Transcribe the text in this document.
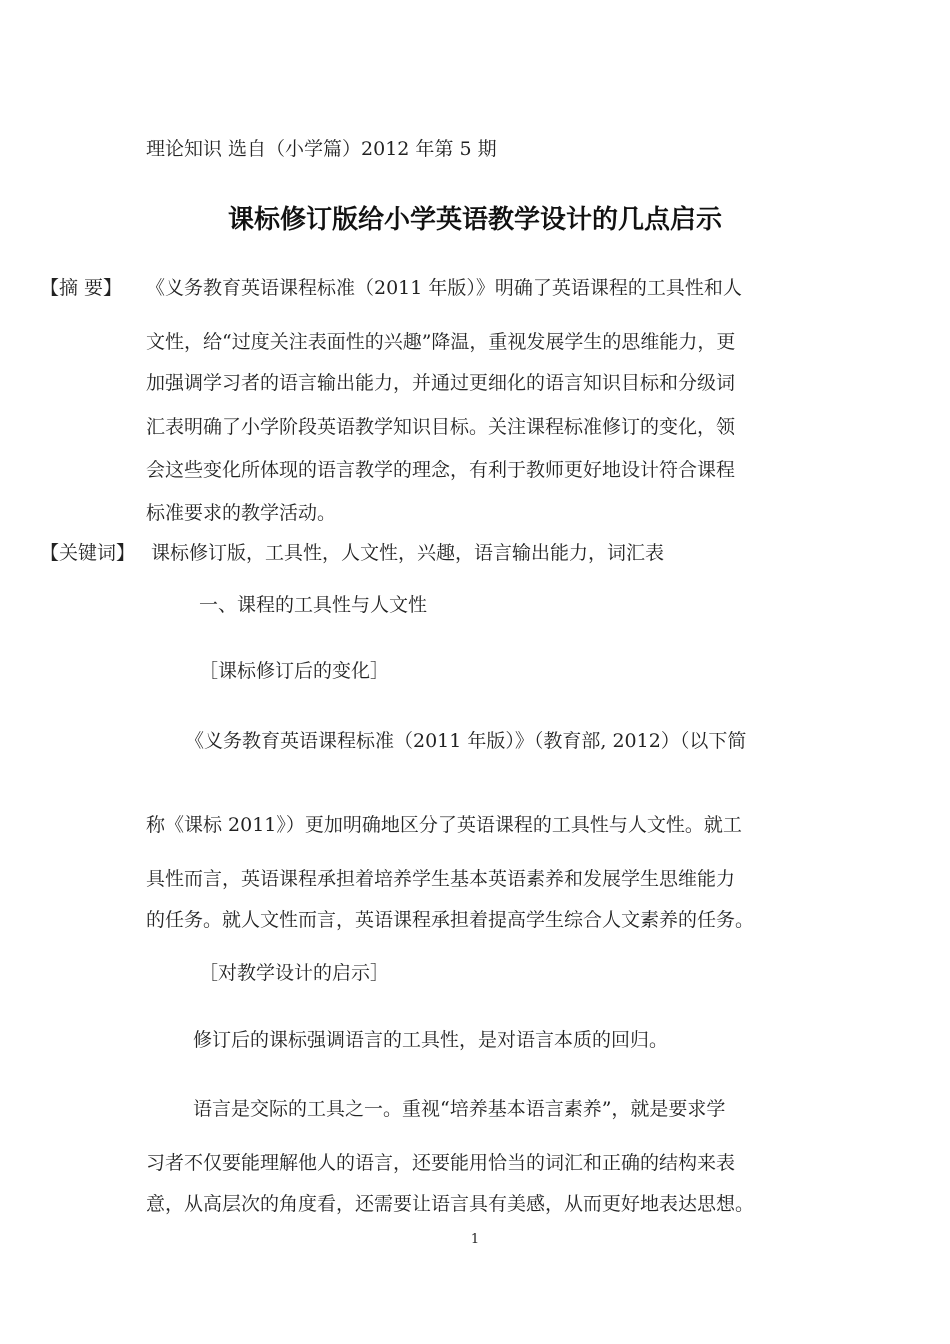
理论知识 选自（小学篇）2012 年第 5 期
课标修订版给小学英语教学设计的几点启示
【摘 要】 《义务教育英语课程标准（2011 年版）》明确了英语课程的工具性和人
文性，给“过度关注表面性的兴趣”降温，重视发展学生的思维能力，更
加强调学习者的语言输出能力，并通过更细化的语言知识目标和分级词
汇表明确了小学阶段英语教学知识目标。关注课程标准修订的变化，领
会这些变化所体现的语言教学的理念，有利于教师更好地设计符合课程
标准要求的教学活动。
【关键词】 课标修订版，工具性，人文性，兴趣，语言输出能力，词汇表
一、课程的工具性与人文性
［课标修订后的变化］
《义务教育英语课程标准（2011 年版）》（教育部, 2012）（以下简
称《课标 2011》）更加明确地区分了英语课程的工具性与人文性。就工
具性而言，英语课程承担着培养学生基本英语素养和发展学生思维能力
的任务。就人文性而言，英语课程承担着提高学生综合人文素养的任务。
［对教学设计的启示］
修订后的课标强调语言的工具性，是对语言本质的回归。
语言是交际的工具之一。重视“培养基本语言素养”，就是要求学
习者不仅要能理解他人的语言，还要能用恰当的词汇和正确的结构来表
意，从高层次的角度看，还需要让语言具有美感，从而更好地表达思想。
1
